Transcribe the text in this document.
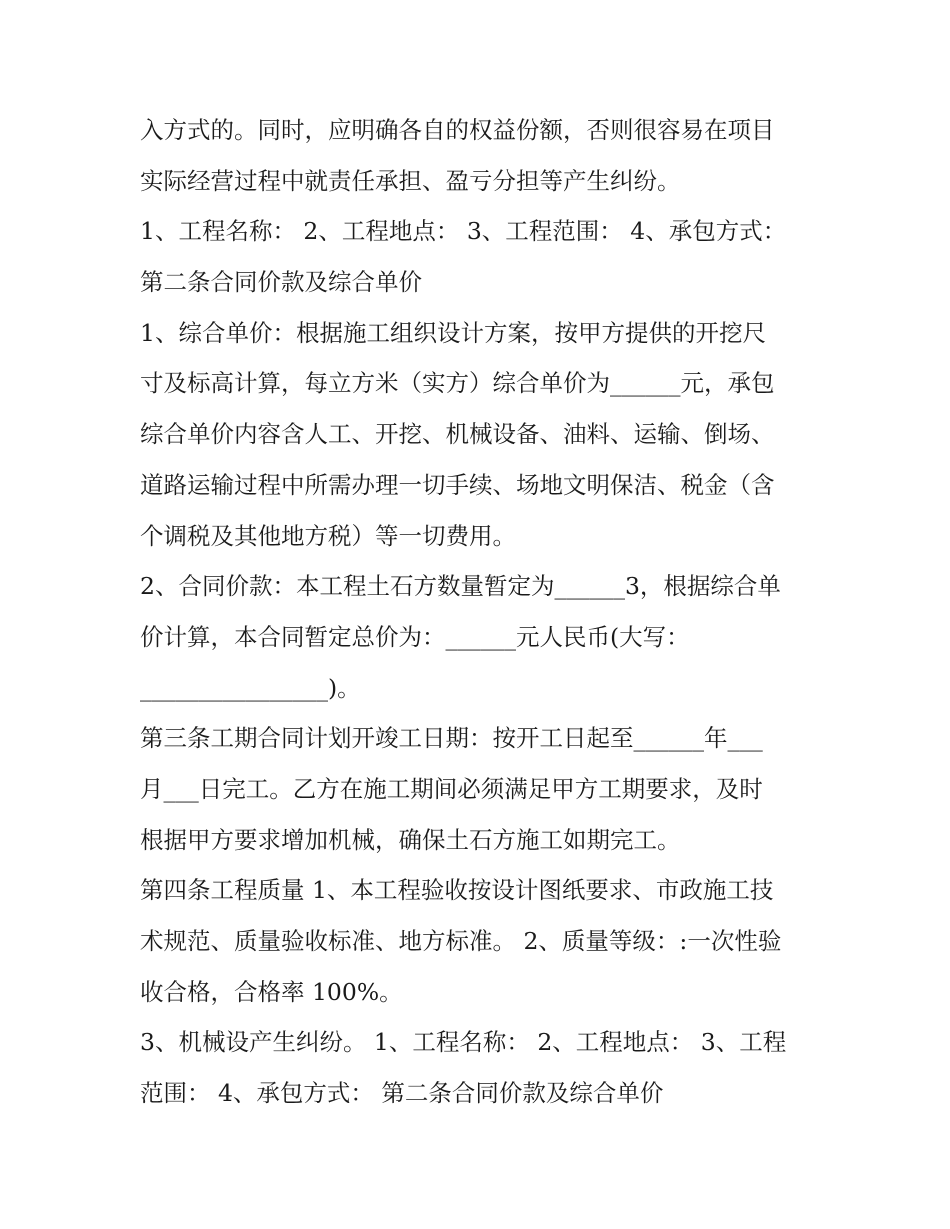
入方式的。同时，应明确各自的权益份额，否则很容易在项目
实际经营过程中就责任承担、盈亏分担等产生纠纷。
1、工程名称： 2、工程地点： 3、工程范围： 4、承包方式：
第二条合同价款及综合单价
1、综合单价：根据施工组织设计方案，按甲方提供的开挖尺
寸及标高计算，每立方米（实方）综合单价为______元，承包
综合单价内容含人工、开挖、机械设备、油料、运输、倒场、
道路运输过程中所需办理一切手续、场地文明保洁、税金（含
个调税及其他地方税）等一切费用。
2、合同价款：本工程土石方数量暂定为______3，根据综合单
价计算，本合同暂定总价为：______元人民币(大写：
________________)。
第三条工期合同计划开竣工日期：按开工日起至______年___
月___日完工。乙方在施工期间必须满足甲方工期要求，及时
根据甲方要求增加机械，确保土石方施工如期完工。
第四条工程质量 1、本工程验收按设计图纸要求、市政施工技
术规范、质量验收标准、地方标准。 2、质量等级：:一次性验
收合格，合格率 100%。
3、机械设产生纠纷。 1、工程名称： 2、工程地点： 3、工程
范围： 4、承包方式： 第二条合同价款及综合单价
